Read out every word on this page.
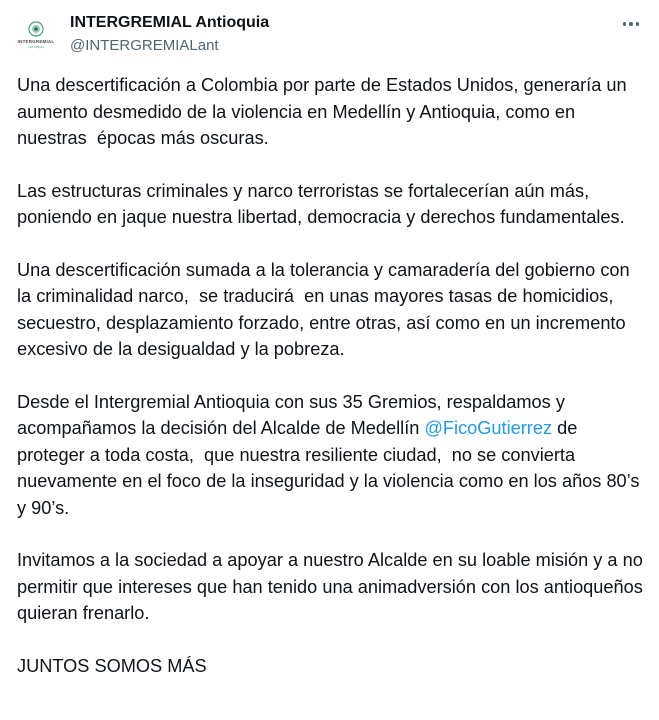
INTERGREMIAL
ANTIOQUIA
INTERGREMIAL Antioquia
@INTERGREMIALant

Una descertificación a Colombia por parte de Estados Unidos, generaría un aumento desmedido de la violencia en Medellín y Antioquia, como en nuestras  épocas más oscuras.

Las estructuras criminales y narco terroristas se fortalecerían aún más, poniendo en jaque nuestra libertad, democracia y derechos fundamentales.

Una descertificación sumada a la tolerancia y camaradería del gobierno con la criminalidad narco,  se traducirá  en unas mayores tasas de homicidios, secuestro, desplazamiento forzado, entre otras, así como en un incremento excesivo de la desigualdad y la pobreza.

Desde el Intergremial Antioquia con sus 35 Gremios, respaldamos y acompañamos la decisión del Alcalde de Medellín @FicoGutierrez de proteger a toda costa,  que nuestra resiliente ciudad,  no se convierta nuevamente en el foco de la inseguridad y la violencia como en los años 80’s  y 90’s.

Invitamos a la sociedad a apoyar a nuestro Alcalde en su loable misión y a no permitir que intereses que han tenido una animadversión con los antioqueños quieran frenarlo.

JUNTOS SOMOS MÁS
